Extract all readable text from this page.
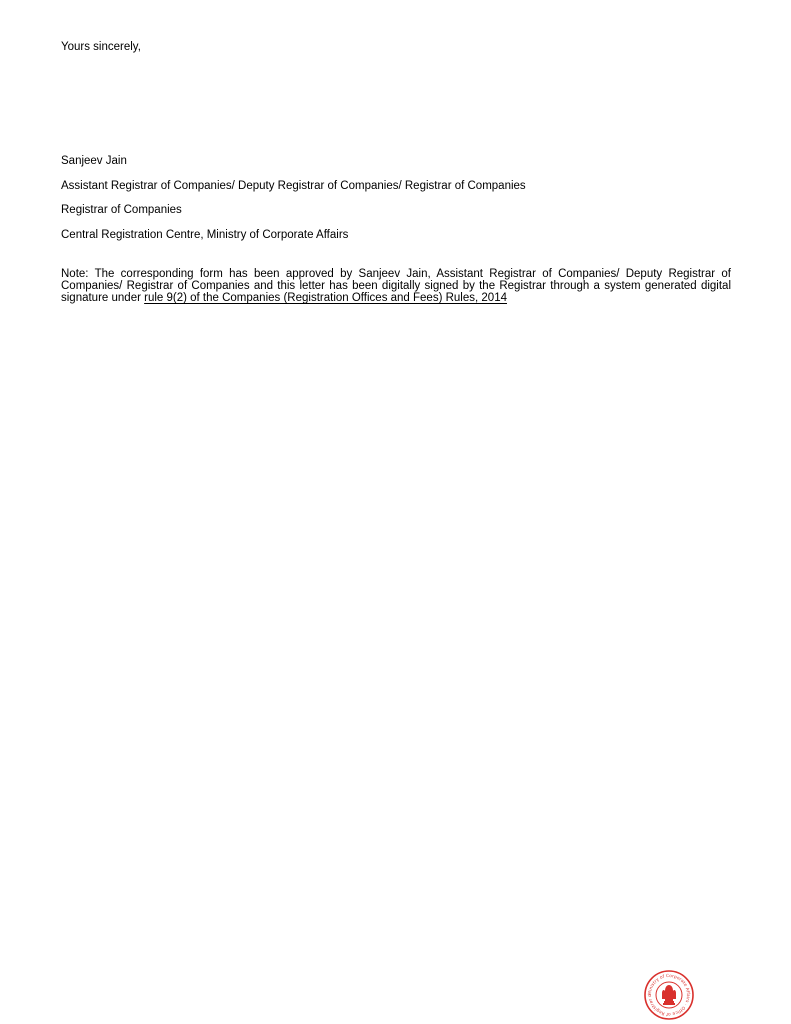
Yours sincerely,
Sanjeev Jain
Assistant Registrar of Companies/ Deputy Registrar of Companies/ Registrar of Companies
Registrar of Companies
Central Registration Centre, Ministry of Corporate Affairs
Note: The corresponding form has been approved by Sanjeev Jain, Assistant Registrar of Companies/ Deputy Registrar of Companies/ Registrar of Companies and this letter has been digitally signed by the Registrar through a system generated digital signature under rule 9(2) of the Companies (Registration Offices and Fees) Rules, 2014
Ministry of Corporate Affairs · Office of Registrar o
